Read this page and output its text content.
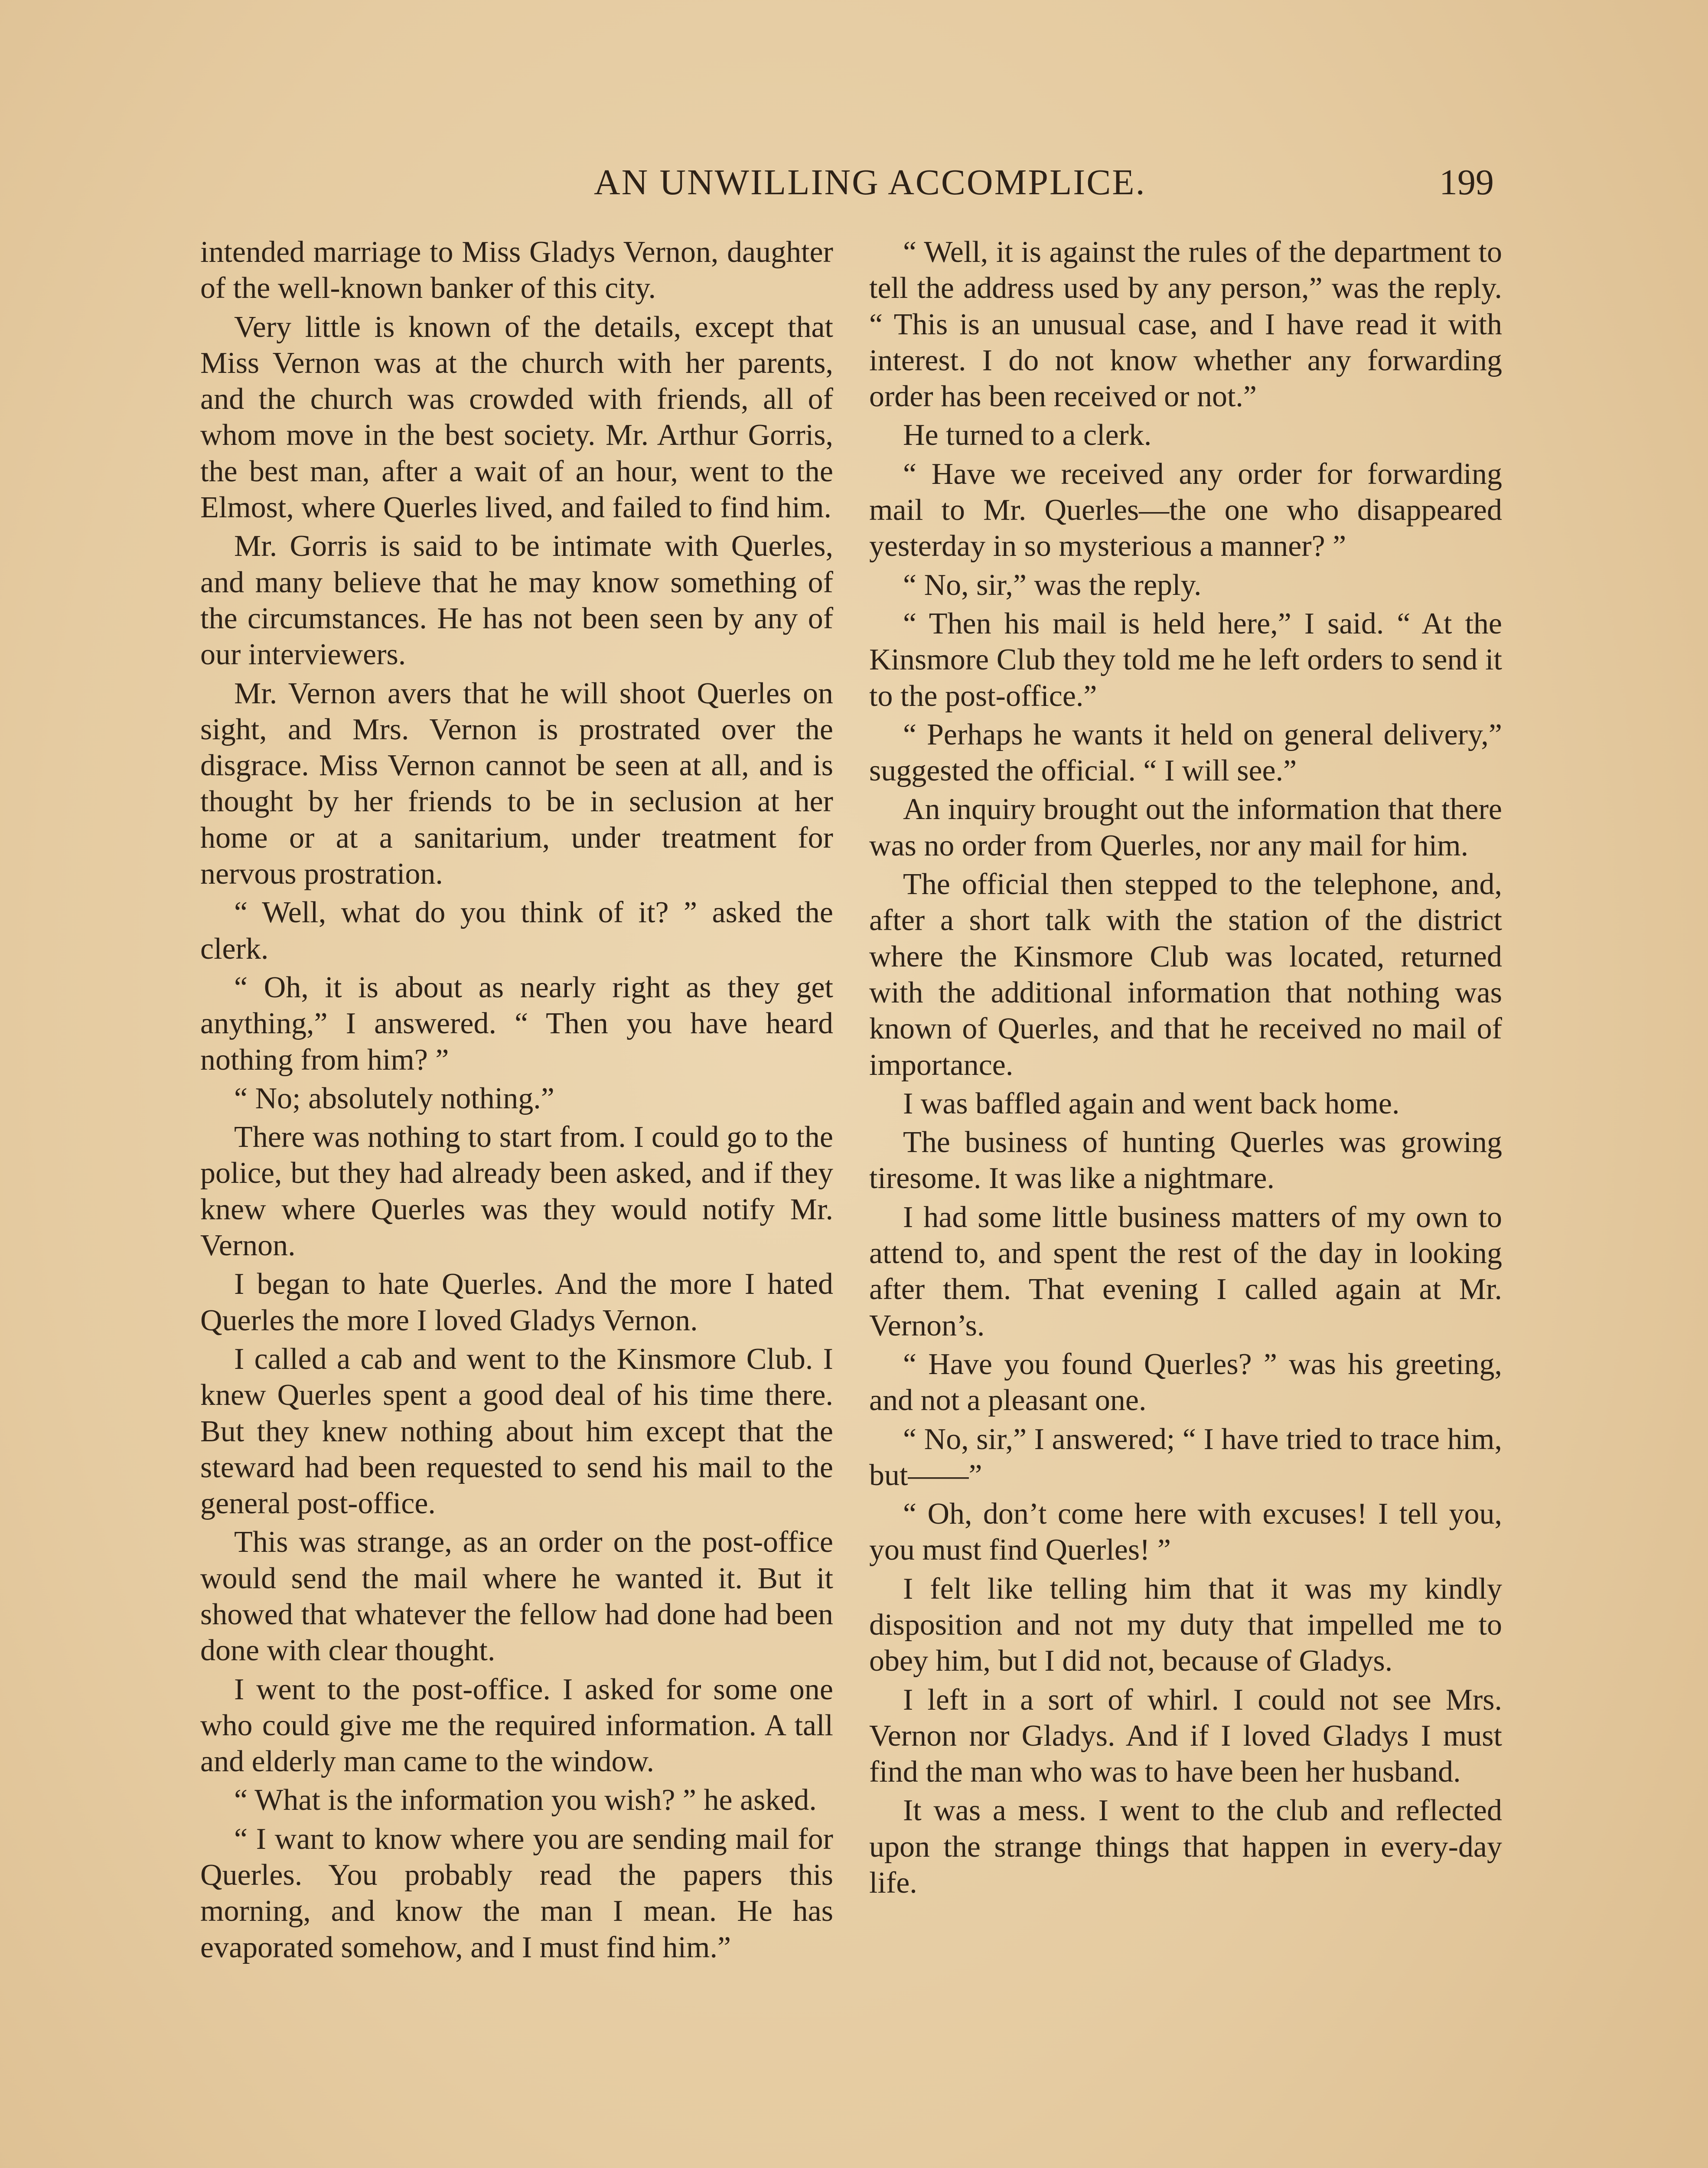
AN UNWILLING ACCOMPLICE.	199

intended marriage to Miss Gladys Vernon, daughter of the well-known banker of this city.

Very little is known of the details, except that Miss Vernon was at the church with her parents, and the church was crowded with friends, all of whom move in the best society. Mr. Arthur Gorris, the best man, after a wait of an hour, went to the Elmost, where Querles lived, and failed to find him.

Mr. Gorris is said to be intimate with Querles, and many believe that he may know something of the circumstances. He has not been seen by any of our interviewers.

Mr. Vernon avers that he will shoot Querles on sight, and Mrs. Vernon is prostrated over the disgrace. Miss Vernon cannot be seen at all, and is thought by her friends to be in seclusion at her home or at a sanitarium, under treatment for nervous prostration.

“ Well, what do you think of it? ” asked the clerk.

“ Oh, it is about as nearly right as they get anything,” I answered. “ Then you have heard nothing from him? ”

“ No; absolutely nothing.”

There was nothing to start from. I could go to the police, but they had already been asked, and if they knew where Querles was they would notify Mr. Vernon.

I began to hate Querles. And the more I hated Querles the more I loved Gladys Vernon.

I called a cab and went to the Kinsmore Club. I knew Querles spent a good deal of his time there. But they knew nothing about him except that the steward had been requested to send his mail to the general post-office.

This was strange, as an order on the post-office would send the mail where he wanted it. But it showed that whatever the fellow had done had been done with clear thought.

I went to the post-office. I asked for some one who could give me the required information. A tall and elderly man came to the window.

“ What is the information you wish? ” he asked.

“ I want to know where you are sending mail for Querles. You probably read the papers this morning, and know the man I mean. He has evaporated somehow, and I must find him.”

“ Well, it is against the rules of the department to tell the address used by any person,” was the reply. “ This is an unusual case, and I have read it with interest. I do not know whether any forwarding order has been received or not.”

He turned to a clerk.

“ Have we received any order for forwarding mail to Mr. Querles—the one who disappeared yesterday in so mysterious a manner? ”

“ No, sir,” was the reply.

“ Then his mail is held here,” I said. “ At the Kinsmore Club they told me he left orders to send it to the post-office.”

“ Perhaps he wants it held on general delivery,” suggested the official. “ I will see.”

An inquiry brought out the information that there was no order from Querles, nor any mail for him.

The official then stepped to the telephone, and, after a short talk with the station of the district where the Kinsmore Club was located, returned with the additional information that nothing was known of Querles, and that he received no mail of importance.

I was baffled again and went back home.

The business of hunting Querles was growing tiresome. It was like a nightmare.

I had some little business matters of my own to attend to, and spent the rest of the day in looking after them. That evening I called again at Mr. Vernon’s.

“ Have you found Querles? ” was his greeting, and not a pleasant one.

“ No, sir,” I answered; “ I have tried to trace him, but——”

“ Oh, don’t come here with excuses! I tell you, you must find Querles! ”

I felt like telling him that it was my kindly disposition and not my duty that impelled me to obey him, but I did not, because of Gladys.

I left in a sort of whirl. I could not see Mrs. Vernon nor Gladys. And if I loved Gladys I must find the man who was to have been her husband.

It was a mess. I went to the club and reflected upon the strange things that happen in every-day life.
